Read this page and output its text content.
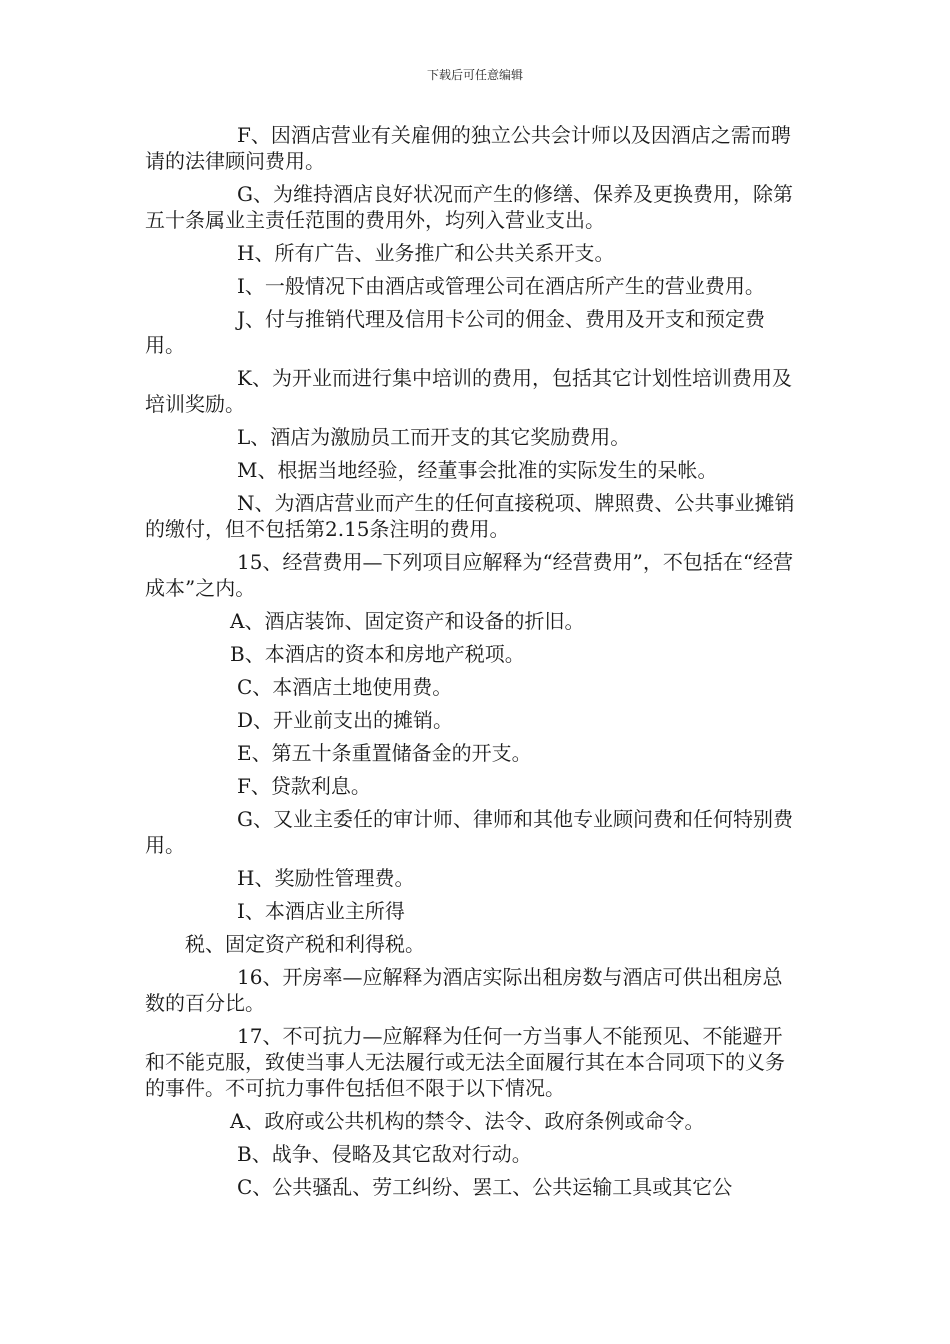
下载后可任意编辑

F、因酒店营业有关雇佣的独立公共会计师以及因酒店之需而聘请的法律顾问费用。

G、为维持酒店良好状况而产生的修缮、保养及更换费用，除第五十条属业主责任范围的费用外，均列入营业支出。

H、所有广告、业务推广和公共关系开支。

I、一般情况下由酒店或管理公司在酒店所产生的营业费用。

J、付与推销代理及信用卡公司的佣金、费用及开支和预定费用。

K、为开业而进行集中培训的费用，包括其它计划性培训费用及培训奖励。

L、酒店为激励员工而开支的其它奖励费用。

M、根据当地经验，经董事会批准的实际发生的呆帐。

N、为酒店营业而产生的任何直接税项、牌照费、公共事业摊销的缴付，但不包括第2.15条注明的费用。

15、经营费用—下列项目应解释为“经营费用”，不包括在“经营成本”之内。

A、酒店装饰、固定资产和设备的折旧。

B、本酒店的资本和房地产税项。

C、本酒店土地使用费。

D、开业前支出的摊销。

E、第五十条重置储备金的开支。

F、贷款利息。

G、又业主委任的审计师、律师和其他专业顾问费和任何特别费用。

H、奖励性管理费。

I、本酒店业主所得

税、固定资产税和利得税。

16、开房率—应解释为酒店实际出租房数与酒店可供出租房总数的百分比。

17、不可抗力—应解释为任何一方当事人不能预见、不能避开和不能克服，致使当事人无法履行或无法全面履行其在本合同项下的义务的事件。不可抗力事件包括但不限于以下情况。

A、政府或公共机构的禁令、法令、政府条例或命令。

B、战争、侵略及其它敌对行动。

C、公共骚乱、劳工纠纷、罢工、公共运输工具或其它公
